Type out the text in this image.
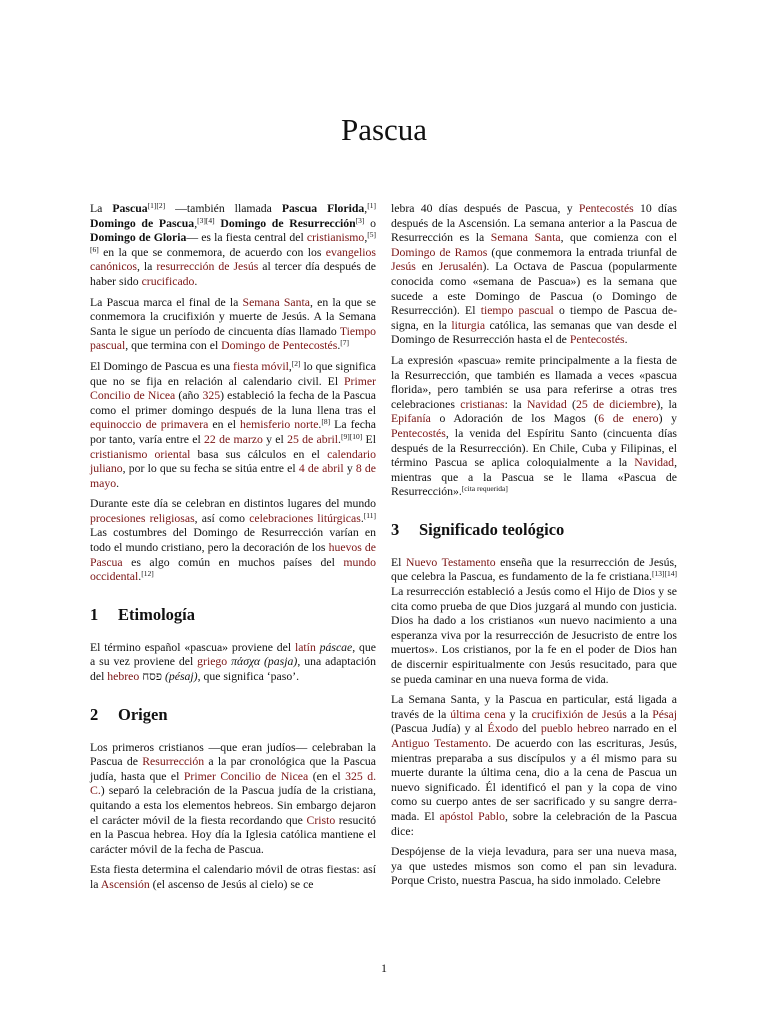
Pascua

La Pascua[1][2] —también llamada Pascua Florida,[1] Domingo de Pascua,[3][4] Domingo de Resurrección[3] o Domingo de Gloria— es la fiesta central del cristianismo,[5][6] en la que se conmemora, de acuerdo con los evangelios canónicos, la resurrección de Jesús al tercer día después de haber sido crucificado.

La Pascua marca el final de la Semana Santa, en la que se conmemora la crucifixión y muerte de Jesús. A la Semana Santa le sigue un período de cincuenta días llamado Tiempo pascual, que termina con el Domingo de Pentecostés.[7]

El Domingo de Pascua es una fiesta móvil,[2] lo que significa que no se fija en relación al calendario civil. El Primer Concilio de Nicea (año 325) estableció la fecha de la Pascua como el primer domingo después de la luna llena tras el equinoccio de primavera en el hemisferio norte.[8] La fecha por tanto, varía entre el 22 de marzo y el 25 de abril.[9][10] El cristianismo oriental basa sus cálculos en el calendario juliano, por lo que su fecha se sitúa entre el 4 de abril y 8 de mayo.

Durante este día se celebran en distintos lugares del mundo procesiones religiosas, así como celebraciones litúrgicas.[11] Las costumbres del Domingo de Resurrección varían en todo el mundo cristiano, pero la decoración de los huevos de Pascua es algo común en muchos países del mundo occidental.[12]

1 Etimología

El término español «pascua» proviene del latín páscae, que a su vez proviene del griego πάσχα (pasja), una adaptación del hebreo פסח (pésaj), que significa ‘paso’.

2 Origen

Los primeros cristianos —que eran judíos— celebraban la Pascua de Resurrección a la par cronológica que la Pascua judía, hasta que el Primer Concilio de Nicea (en el 325 d. C.) separó la celebración de la Pascua judía de la cristiana, quitando a esta los elementos hebreos. Sin embargo dejaron el carácter móvil de la fiesta recordando que Cristo resucitó en la Pascua hebrea. Hoy día la Iglesia católica mantiene el carácter móvil de la fecha de Pascua.

Esta fiesta determina el calendario móvil de otras fiestas: así la Ascensión (el ascenso de Jesús al cielo) se ce

lebra 40 días después de Pascua, y Pentecostés 10 días después de la Ascensión. La semana anterior a la Pascua de Resurrección es la Semana Santa, que comienza con el Domingo de Ramos (que conmemora la entrada triunfal de Jesús en Jerusalén). La Octava de Pascua (popularmente conocida como «semana de Pascua») es la semana que sucede a este Domingo de Pascua (o Domingo de Resurrección). El tiempo pascual o tiempo de Pascua designa, en la liturgia católica, las semanas que van desde el Domingo de Resurrección hasta el de Pentecostés.

La expresión «pascua» remite principalmente a la fiesta de la Resurrección, que también es llamada a veces «pascua florida», pero también se usa para referirse a otras tres celebraciones cristianas: la Navidad (25 de diciembre), la Epifanía o Adoración de los Magos (6 de enero) y Pentecostés, la venida del Espíritu Santo (cincuenta días después de la Resurrección). En Chile, Cuba y Filipinas, el término Pascua se aplica coloquialmente a la Navidad, mientras que a la Pascua se le llama «Pascua de Resurrección».[cita requerida]

3 Significado teológico

El Nuevo Testamento enseña que la resurrección de Jesús, que celebra la Pascua, es fundamento de la fe cristiana.[13][14] La resurrección estableció a Jesús como el Hijo de Dios y se cita como prueba de que Dios juzgará al mundo con justicia. Dios ha dado a los cristianos «un nuevo nacimiento a una esperanza viva por la resurrección de Jesucristo de entre los muertos». Los cristianos, por la fe en el poder de Dios han de discernir espiritualmente con Jesús resucitado, para que se pueda caminar en una nueva forma de vida.

La Semana Santa, y la Pascua en particular, está ligada a través de la última cena y la crucifixión de Jesús a la Pésaj (Pascua Judía) y al Éxodo del pueblo hebreo narrado en el Antiguo Testamento. De acuerdo con las escrituras, Jesús, mientras preparaba a sus discípulos y a él mismo para su muerte durante la última cena, dio a la cena de Pascua un nuevo significado. Él identificó el pan y la copa de vino como su cuerpo antes de ser sacrificado y su sangre derramada. El apóstol Pablo, sobre la celebración de la Pascua dice:

Despójense de la vieja levadura, para ser una nueva masa, ya que ustedes mismos son como el pan sin levadura. Porque Cristo, nuestra Pascua, ha sido inmolado. Celebre

1
